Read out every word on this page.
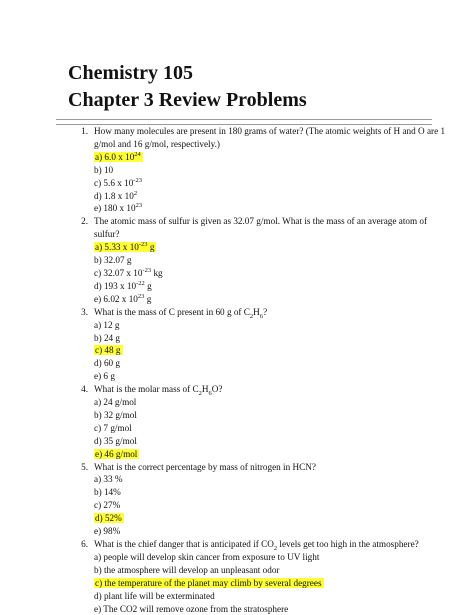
Chemistry 105
Chapter 3 Review Problems
1. How many molecules are present in 180 grams of water? (The atomic weights of H and O are 1 g/mol and 16 g/mol, respectively.)
a) 6.0 x $10^{24}$
b) 10
c) 5.6 x $10^{-23}$
d) 1.8 x $10^2$
e) 180 x $10^{23}$
2. The atomic mass of sulfur is given as 32.07 g/mol. What is the mass of an average atom of sulfur?
a) 5.33 x $10^{-23}$ g
b) 32.07 g
c) 32.07 x $10^{-23}$ kg
d) 193 x $10^{-22}$ g
e) 6.02 x $10^{23}$ g
3. What is the mass of C present in 60 g of $C_2H_6$?
a) 12 g
b) 24 g
c) 48 g
d) 60 g
e) 6 g
4. What is the molar mass of $C_2H_6O$?
a) 24 g/mol
b) 32 g/mol
c) 7 g/mol
d) 35 g/mol
e) 46 g/mol
5. What is the correct percentage by mass of nitrogen in HCN?
a) 33 %
b) 14%
c) 27%
d) 52%
e) 98%
6. What is the chief danger that is anticipated if $CO_2$ levels get too high in the atmosphere?
a) people will develop skin cancer from exposure to UV light
b) the atmosphere will develop an unpleasant odor
c) the temperature of the planet may climb by several degrees
d) plant life will be exterminated
e) The CO2 will remove ozone from the stratosphere
